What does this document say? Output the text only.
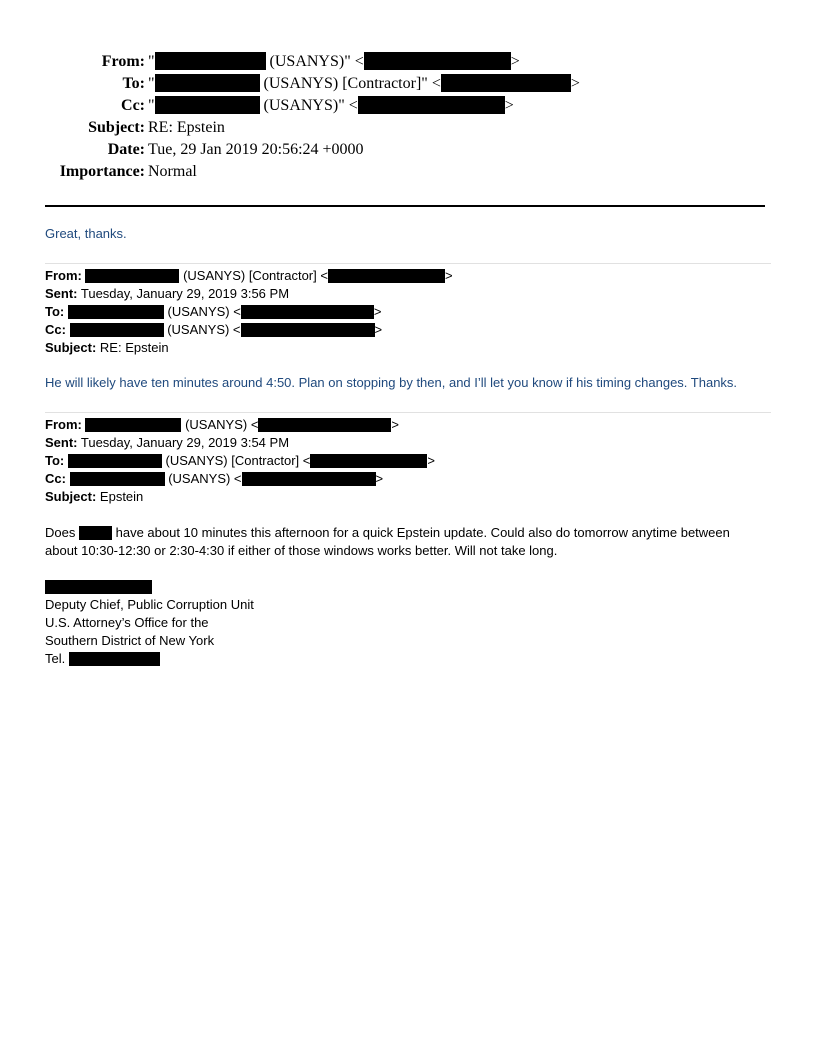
From: "	(USANYS)" <	>
To: "	(USANYS) [Contractor]" <	>
Cc: "	(USANYS)" <	>
Subject: RE: Epstein
Date: Tue, 29 Jan 2019 20:56:24 +0000
Importance: Normal
Great, thanks.
From:	(USANYS) [Contractor] <	>
Sent: Tuesday, January 29, 2019 3:56 PM
To:	(USANYS) <	>
Cc:	(USANYS) <	>
Subject: RE: Epstein
He will likely have ten minutes around 4:50. Plan on stopping by then, and I’ll let you know if his timing changes. Thanks.
From:	(USANYS) <	>
Sent: Tuesday, January 29, 2019 3:54 PM
To:	(USANYS) [Contractor] <	>
Cc:	(USANYS) <	>
Subject: Epstein
Does	have about 10 minutes this afternoon for a quick Epstein update. Could also do tomorrow anytime between
about 10:30-12:30 or 2:30-4:30 if either of those windows works better. Will not take long.
Deputy Chief, Public Corruption Unit
U.S. Attorney’s Office for the
Southern District of New York
Tel.
